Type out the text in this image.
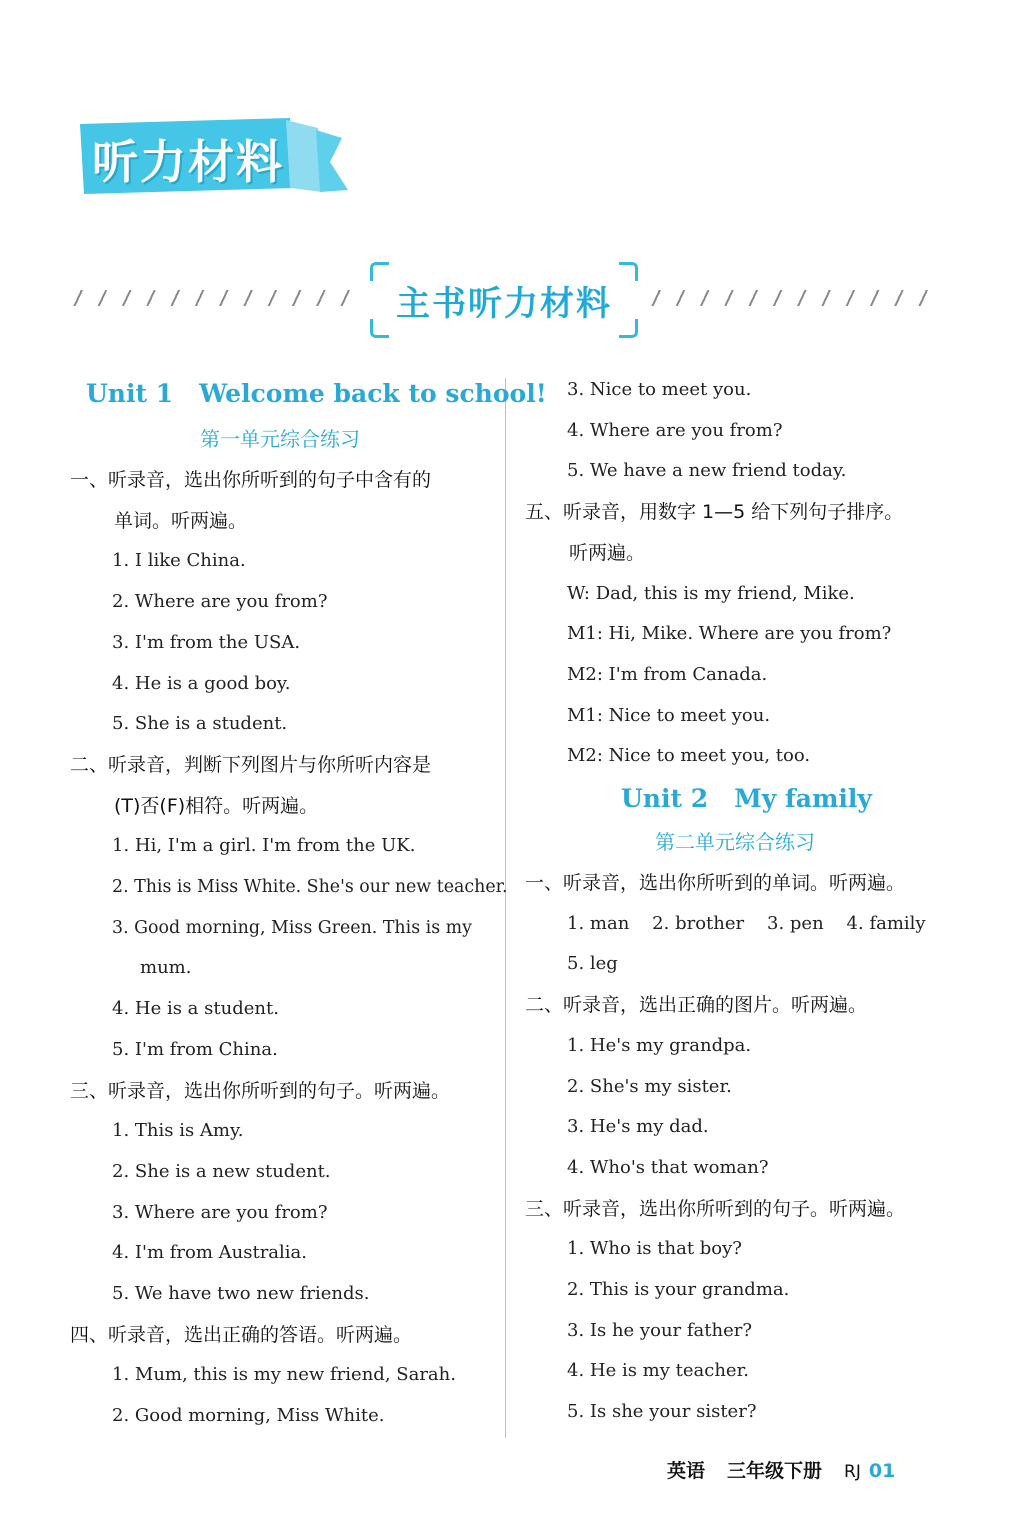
听力材料
主书听力材料
Unit 1 Welcome back to school!
第一单元综合练习
一、听录音，选出你所听到的句子中含有的
单词。听两遍。
1. I like China.
2. Where are you from?
3. I'm from the USA.
4. He is a good boy.
5. She is a student.
二、听录音，判断下列图片与你所听内容是
(T)否(F)相符。听两遍。
1. Hi, I'm a girl. I'm from the UK.
2. This is Miss White. She's our new teacher.
3. Good morning, Miss Green. This is my
mum.
4. He is a student.
5. I'm from China.
三、听录音，选出你所听到的句子。听两遍。
1. This is Amy.
2. She is a new student.
3. Where are you from?
4. I'm from Australia.
5. We have two new friends.
四、听录音，选出正确的答语。听两遍。
1. Mum, this is my new friend, Sarah.
2. Good morning, Miss White.
3. Nice to meet you.
4. Where are you from?
5. We have a new friend today.
五、听录音，用数字 1—5 给下列句子排序。
听两遍。
W: Dad, this is my friend, Mike.
M1: Hi, Mike. Where are you from?
M2: I'm from Canada.
M1: Nice to meet you.
M2: Nice to meet you, too.
Unit 2 My family
第二单元综合练习
一、听录音，选出你所听到的单词。听两遍。
1. man    2. brother    3. pen    4. family
5. leg
二、听录音，选出正确的图片。听两遍。
1. He's my grandpa.
2. She's my sister.
3. He's my dad.
4. Who's that woman?
三、听录音，选出你所听到的句子。听两遍。
1. Who is that boy?
2. This is your grandma.
3. Is he your father?
4. He is my teacher.
5. Is she your sister?
英语 三年级下册 RJ 01
